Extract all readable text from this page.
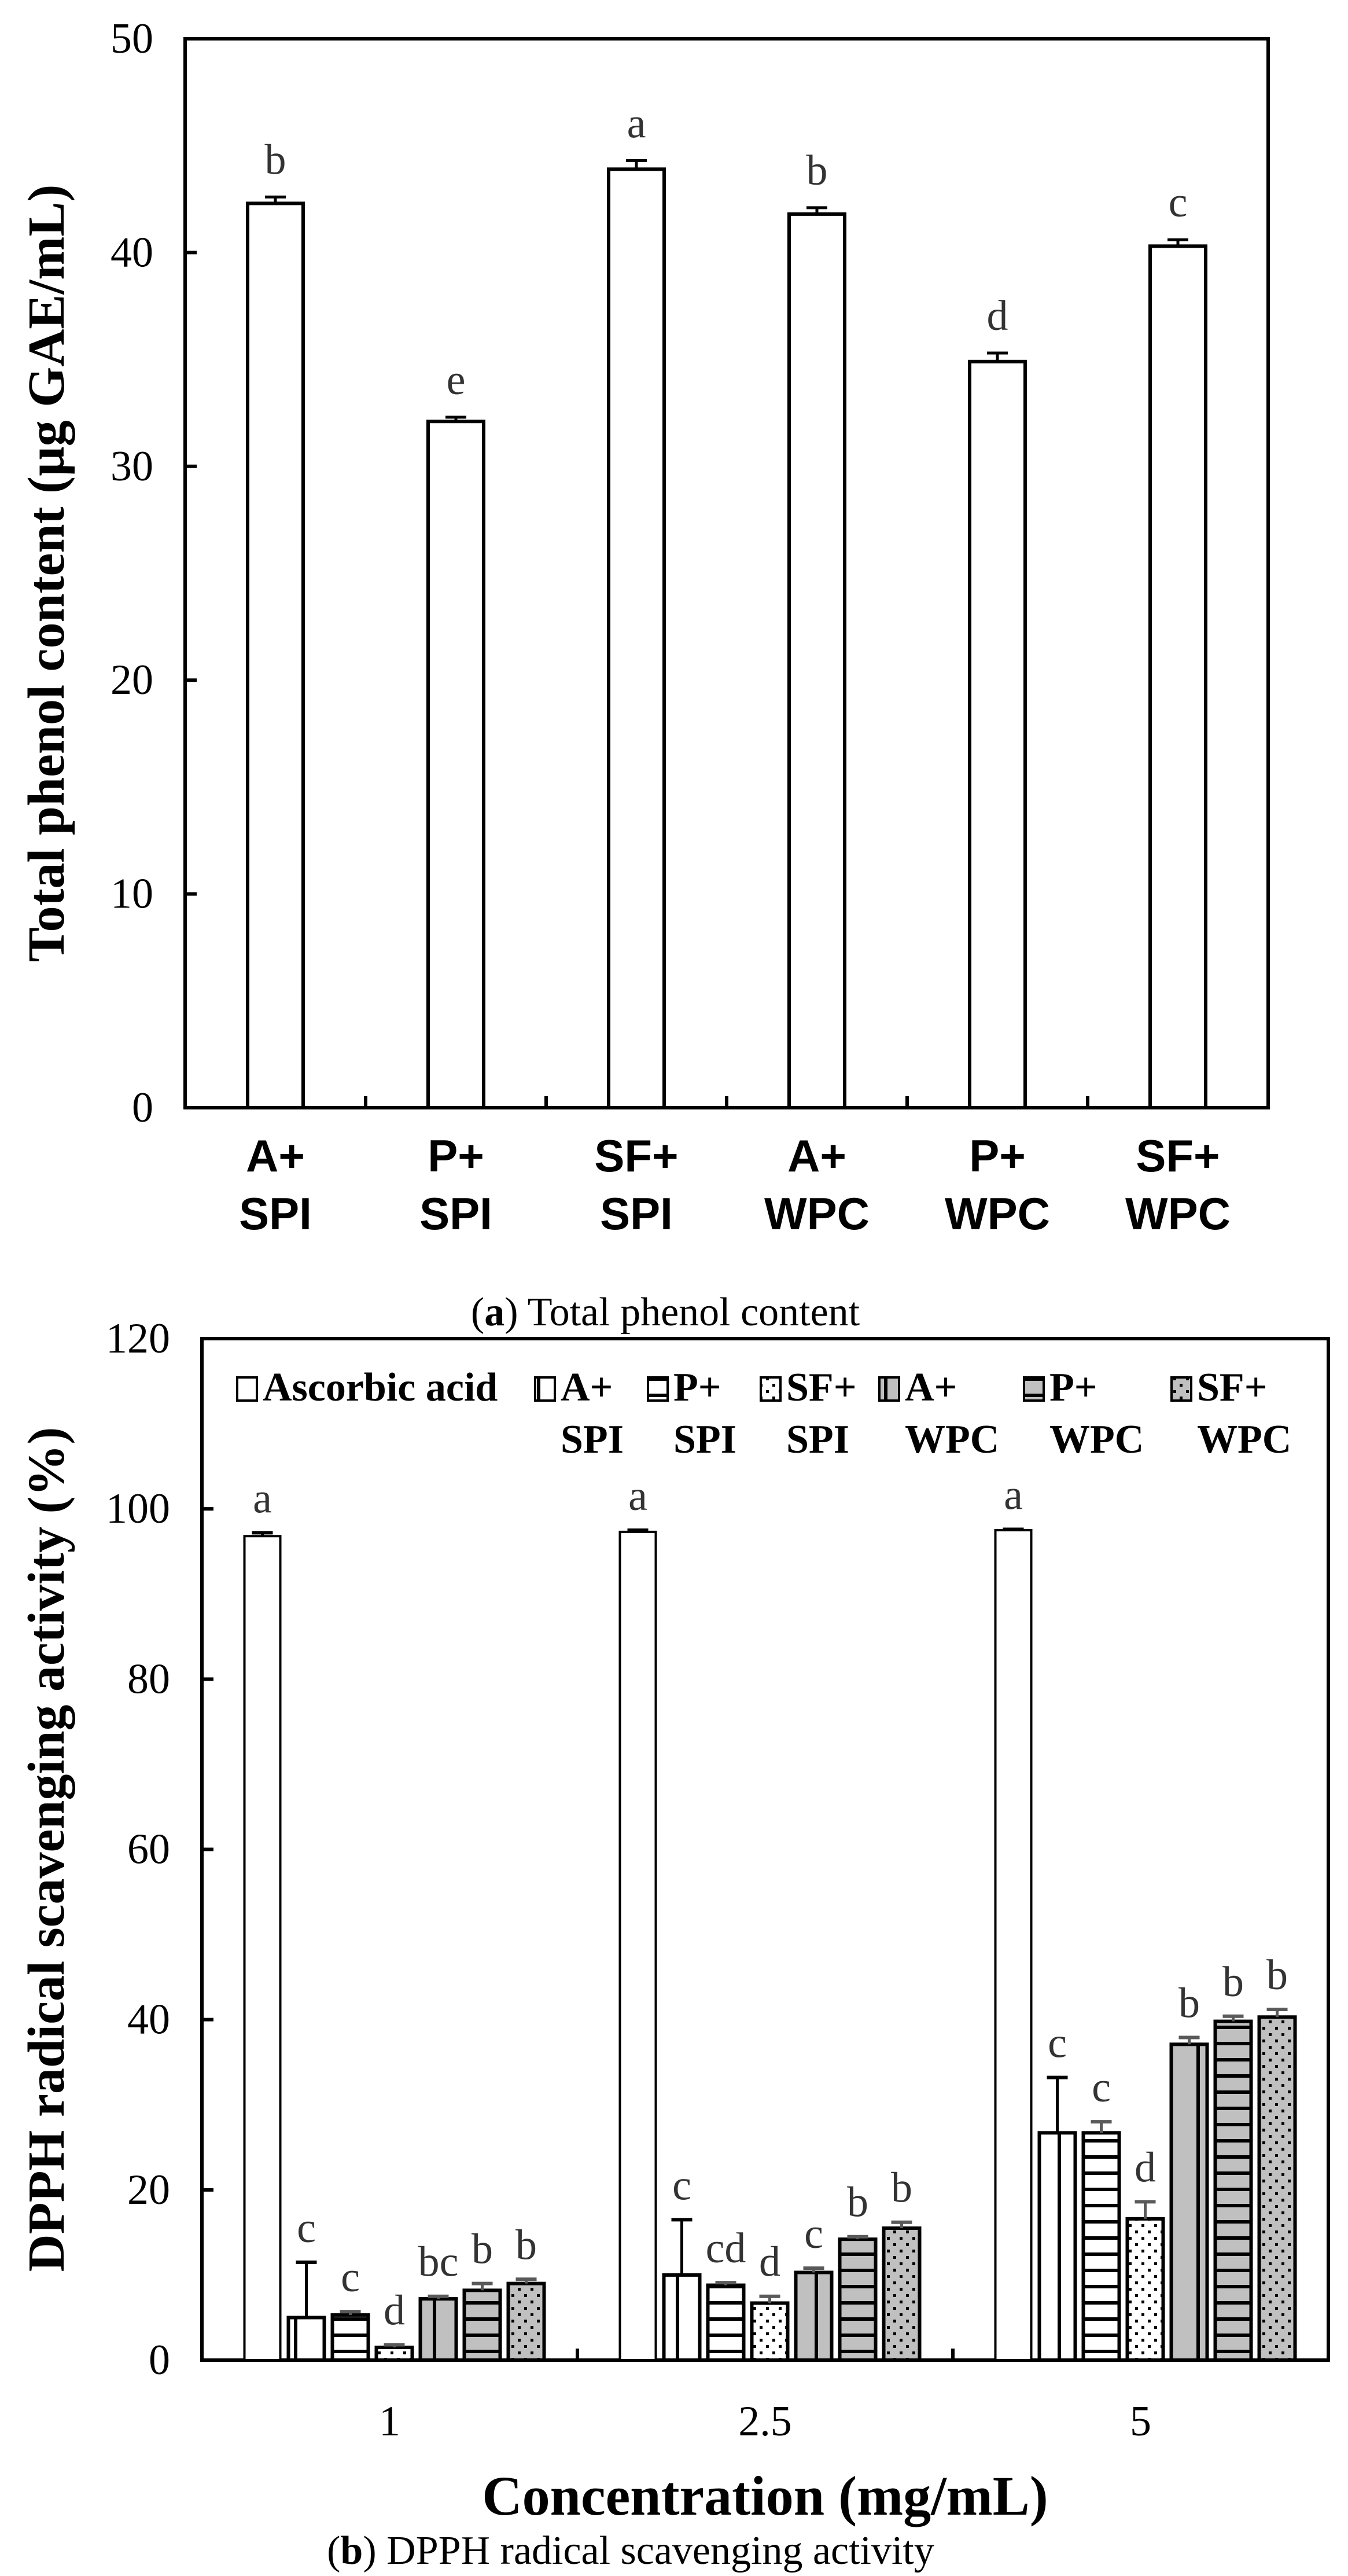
0
10
20
30
40
50
b
A+
SPI
e
P+
SPI
a
SF+
SPI
b
A+
WPC
d
P+
WPC
c
SF+
WPC
Total phenol content (µg GAE/mL)
(a) Total phenol content
0
20
40
60
80
100
120
a
c
c
d
bc b b
1
a
c
cd d
c
b b
2.5
a
c
c
d
b b b
5
Ascorbic acid A+
SPI
P+
SPI
SF+
SPI
A+
WPC
P+
WPC
SF+
WPC
DPPH radical scavenging activity (%)
Concentration (mg/mL)
(b) DPPH radical scavenging activity
